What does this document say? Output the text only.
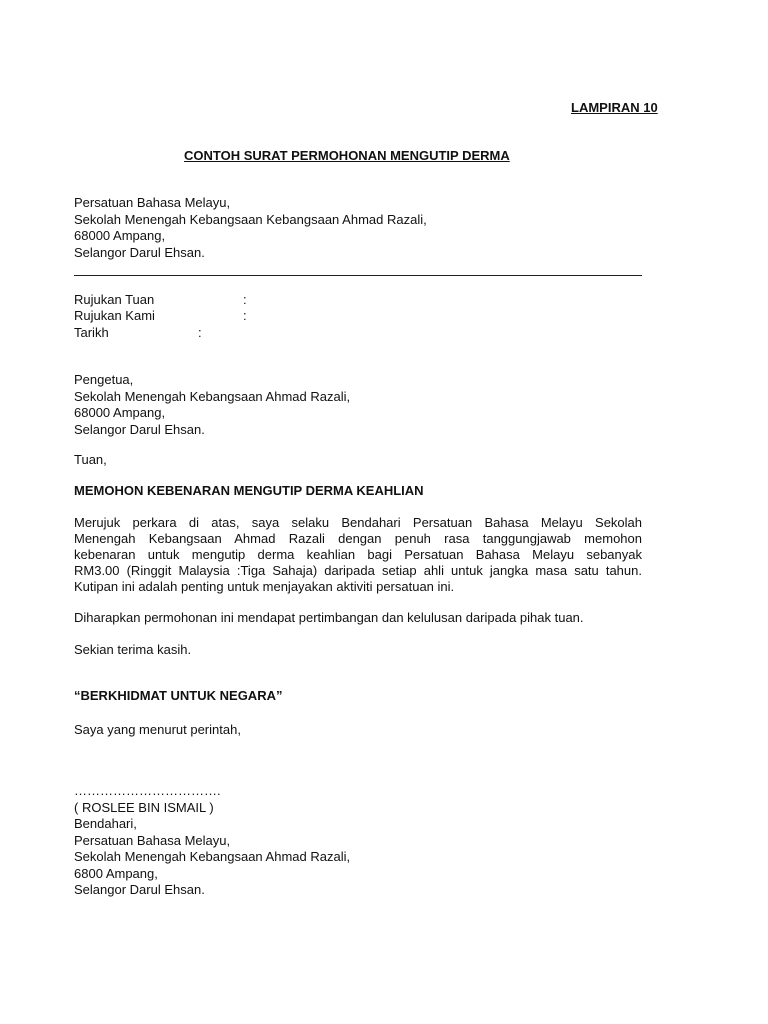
LAMPIRAN 10
CONTOH SURAT PERMOHONAN MENGUTIP DERMA
Persatuan Bahasa Melayu,
Sekolah Menengah Kebangsaan Kebangsaan Ahmad Razali,
68000 Ampang,
Selangor Darul Ehsan.
Rujukan Tuan	:
Rujukan Kami	:
Tarikh	:
Pengetua,
Sekolah Menengah Kebangsaan Ahmad Razali,
68000 Ampang,
Selangor Darul Ehsan.
Tuan,
MEMOHON KEBENARAN MENGUTIP DERMA KEAHLIAN
Merujuk perkara di atas, saya selaku Bendahari Persatuan Bahasa Melayu Sekolah
Menengah Kebangsaan Ahmad Razali dengan penuh rasa tanggungjawab memohon
kebenaran untuk mengutip derma keahlian bagi Persatuan Bahasa Melayu sebanyak
RM3.00 (Ringgit Malaysia :Tiga Sahaja) daripada setiap ahli untuk jangka masa satu tahun.
Kutipan ini adalah penting untuk menjayakan aktiviti persatuan ini.
Diharapkan permohonan ini mendapat pertimbangan dan kelulusan daripada pihak tuan.
Sekian terima kasih.
“BERKHIDMAT UNTUK NEGARA”
Saya yang menurut perintah,
…………………………….
( ROSLEE BIN ISMAIL )
Bendahari,
Persatuan Bahasa Melayu,
Sekolah Menengah Kebangsaan Ahmad Razali,
6800 Ampang,
Selangor Darul Ehsan.
